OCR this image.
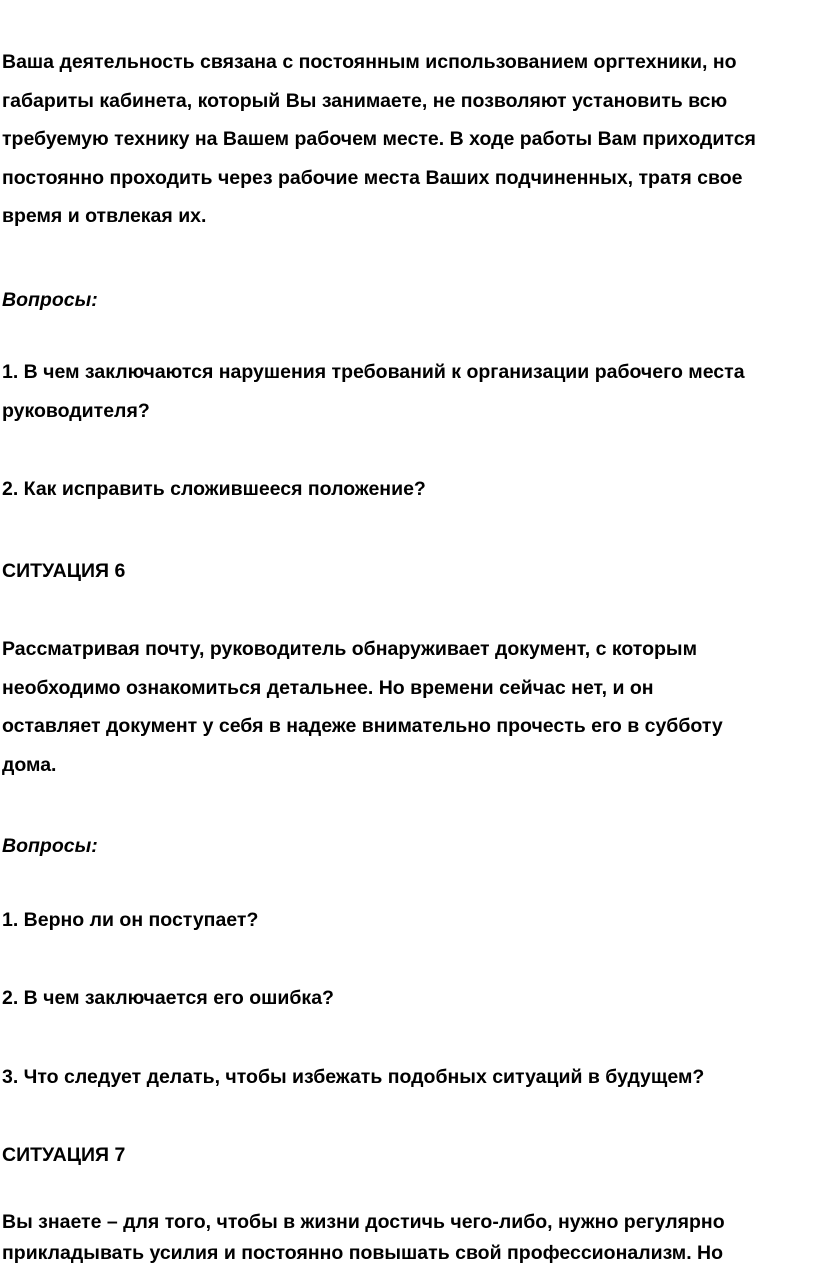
Ваша деятельность связана с постоянным использованием оргтехники, но
габариты кабинета, который Вы занимаете, не позволяют установить всю
требуемую технику на Вашем рабочем месте. В ходе работы Вам приходится
постоянно проходить через рабочие места Ваших подчиненных, тратя свое
время и отвлекая их.

Вопросы:

1. В чем заключаются нарушения требований к организации рабочего места
руководителя?

2. Как исправить сложившееся положение?

СИТУАЦИЯ 6

Рассматривая почту, руководитель обнаруживает документ, с которым
необходимо ознакомиться детальнее. Но времени сейчас нет, и он
оставляет документ у себя в надеже внимательно прочесть его в субботу
дома.

Вопросы:

1. Верно ли он поступает?

2. В чем заключается его ошибка?

3. Что следует делать, чтобы избежать подобных ситуаций в будущем?

СИТУАЦИЯ 7

Вы знаете – для того, чтобы в жизни достичь чего-либо, нужно регулярно
прикладывать усилия и постоянно повышать свой профессионализм. Но
